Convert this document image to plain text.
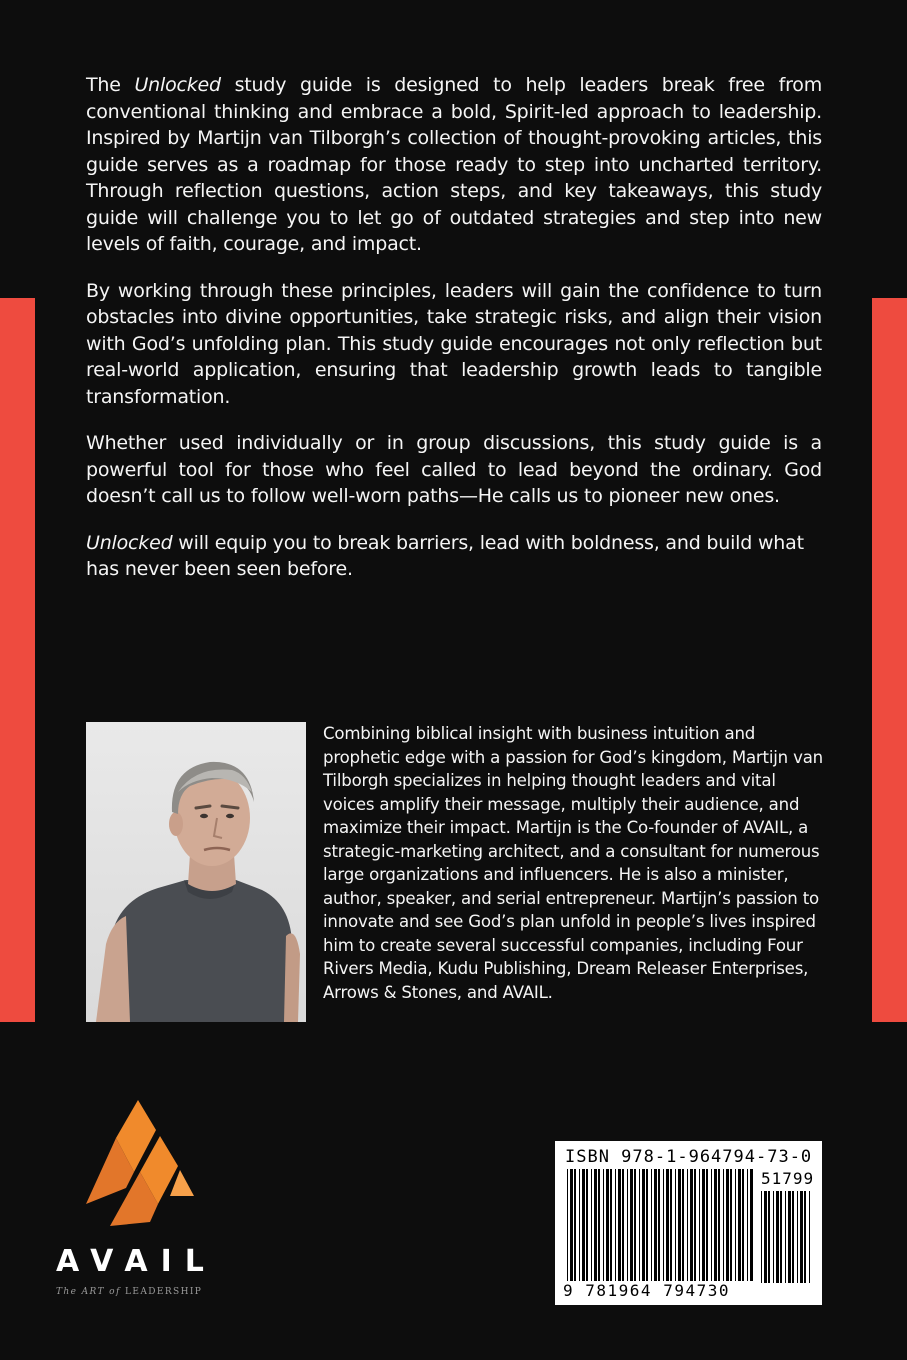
The Unlocked study guide is designed to help leaders break free from conventional thinking and embrace a bold, Spirit-led approach to leadership. Inspired by Martijn van Tilborgh’s collection of thought-provoking articles, this guide serves as a roadmap for those ready to step into uncharted territory. Through reflection questions, action steps, and key takeaways, this study guide will challenge you to let go of outdated strategies and step into new levels of faith, courage, and impact.

By working through these principles, leaders will gain the confidence to turn obstacles into divine opportunities, take strategic risks, and align their vision with God’s unfolding plan. This study guide encourages not only reflection but real-world application, ensuring that leadership growth leads to tangible transformation.

Whether used individually or in group discussions, this study guide is a powerful tool for those who feel called to lead beyond the ordinary. God doesn’t call us to follow well-worn paths—He calls us to pioneer new ones.

Unlocked will equip you to break barriers, lead with boldness, and build what has never been seen before.

Combining biblical insight with business intuition and prophetic edge with a passion for God’s kingdom, Martijn van Tilborgh specializes in helping thought leaders and vital voices amplify their message, multiply their audience, and maximize their impact. Martijn is the Co-founder of AVAIL, a strategic-marketing architect, and a consultant for numerous large organizations and influencers. He is also a minister, author, speaker, and serial entrepreneur. Martijn’s passion to innovate and see God’s plan unfold in people’s lives inspired him to create several successful companies, including Four Rivers Media, Kudu Publishing, Dream Releaser Enterprises, Arrows & Stones, and AVAIL.

AVAIL
The ART of LEADERSHIP
ISBN 978-1-964794-73-0
51799
9 781964 794730
